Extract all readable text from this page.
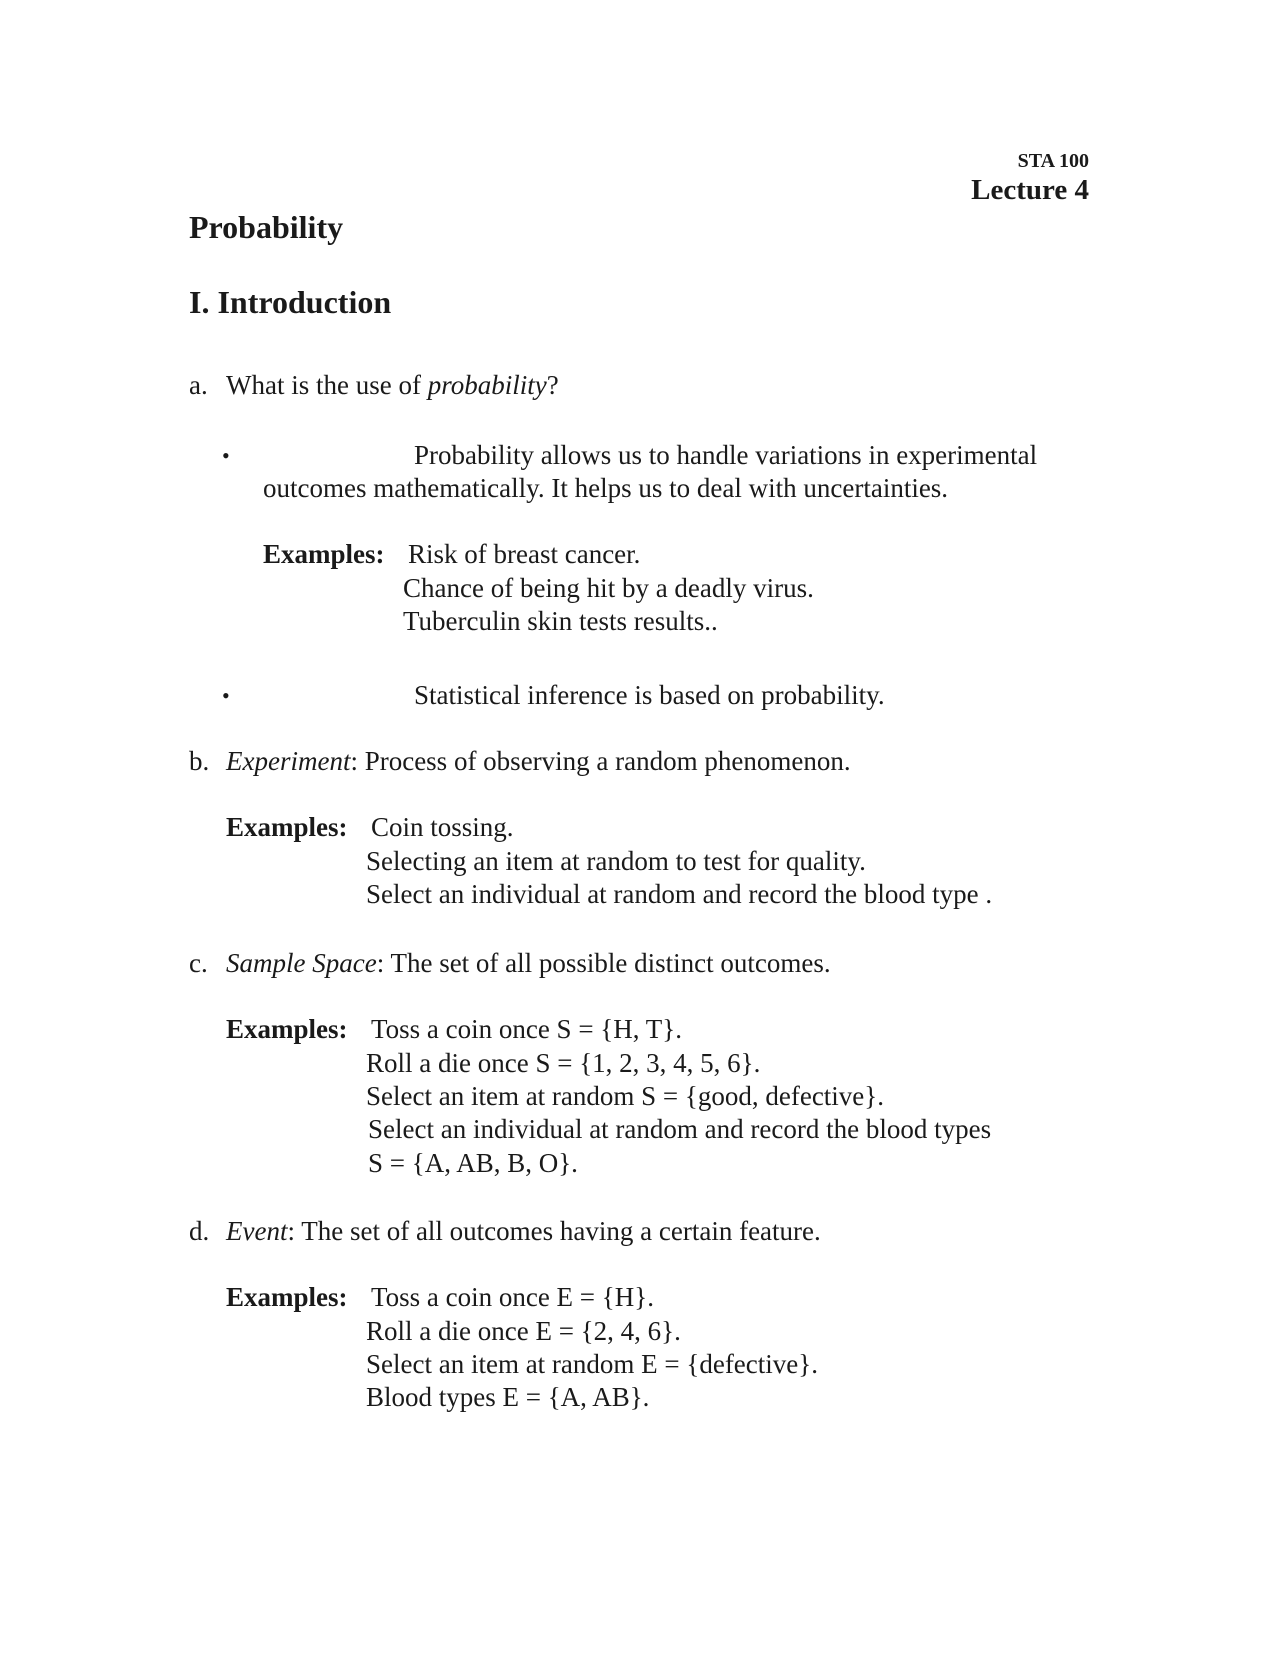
STA 100
Lecture 4
Probability
I. Introduction
a. What is the use of probability?
•	Probability allows us to handle variations in experimental
outcomes mathematically. It helps us to deal with uncertainties.
Examples: Risk of breast cancer.
Chance of being hit by a deadly virus.
Tuberculin skin tests results..
•	Statistical inference is based on probability.
b. Experiment: Process of observing a random phenomenon.
Examples: Coin tossing.
Selecting an item at random to test for quality.
Select an individual at random and record the blood type .
c. Sample Space: The set of all possible distinct outcomes.
Examples: Toss a coin once S = {H, T}.
Roll a die once S = {1, 2, 3, 4, 5, 6}.
Select an item at random S = {good, defective}.
Select an individual at random and record the blood types
S = {A, AB, B, O}.
d. Event: The set of all outcomes having a certain feature.
Examples: Toss a coin once E = {H}.
Roll a die once E = {2, 4, 6}.
Select an item at random E = {defective}.
Blood types E = {A, AB}.
